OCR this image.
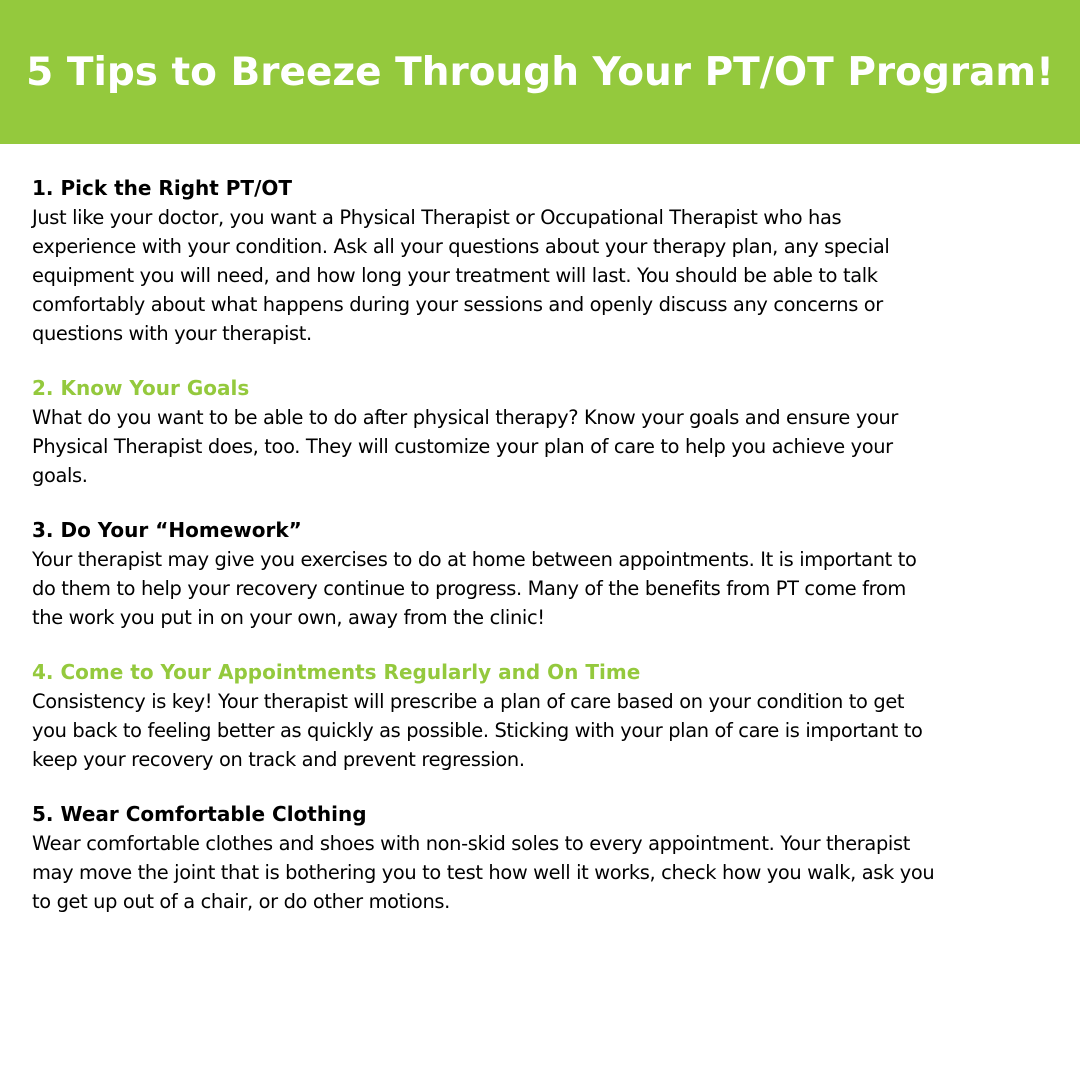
5 Tips to Breeze Through Your PT/OT Program!

1. Pick the Right PT/OT

Just like your doctor, you want a Physical Therapist or Occupational Therapist who has
experience with your condition. Ask all your questions about your therapy plan, any special
equipment you will need, and how long your treatment will last. You should be able to talk
comfortably about what happens during your sessions and openly discuss any concerns or
questions with your therapist.

2. Know Your Goals

What do you want to be able to do after physical therapy? Know your goals and ensure your
Physical Therapist does, too. They will customize your plan of care to help you achieve your
goals.

3. Do Your “Homework”

Your therapist may give you exercises to do at home between appointments. It is important to
do them to help your recovery continue to progress. Many of the benefits from PT come from
the work you put in on your own, away from the clinic!

4. Come to Your Appointments Regularly and On Time

Consistency is key! Your therapist will prescribe a plan of care based on your condition to get
you back to feeling better as quickly as possible. Sticking with your plan of care is important to
keep your recovery on track and prevent regression.

5. Wear Comfortable Clothing

Wear comfortable clothes and shoes with non-skid soles to every appointment. Your therapist
may move the joint that is bothering you to test how well it works, check how you walk, ask you
to get up out of a chair, or do other motions.
